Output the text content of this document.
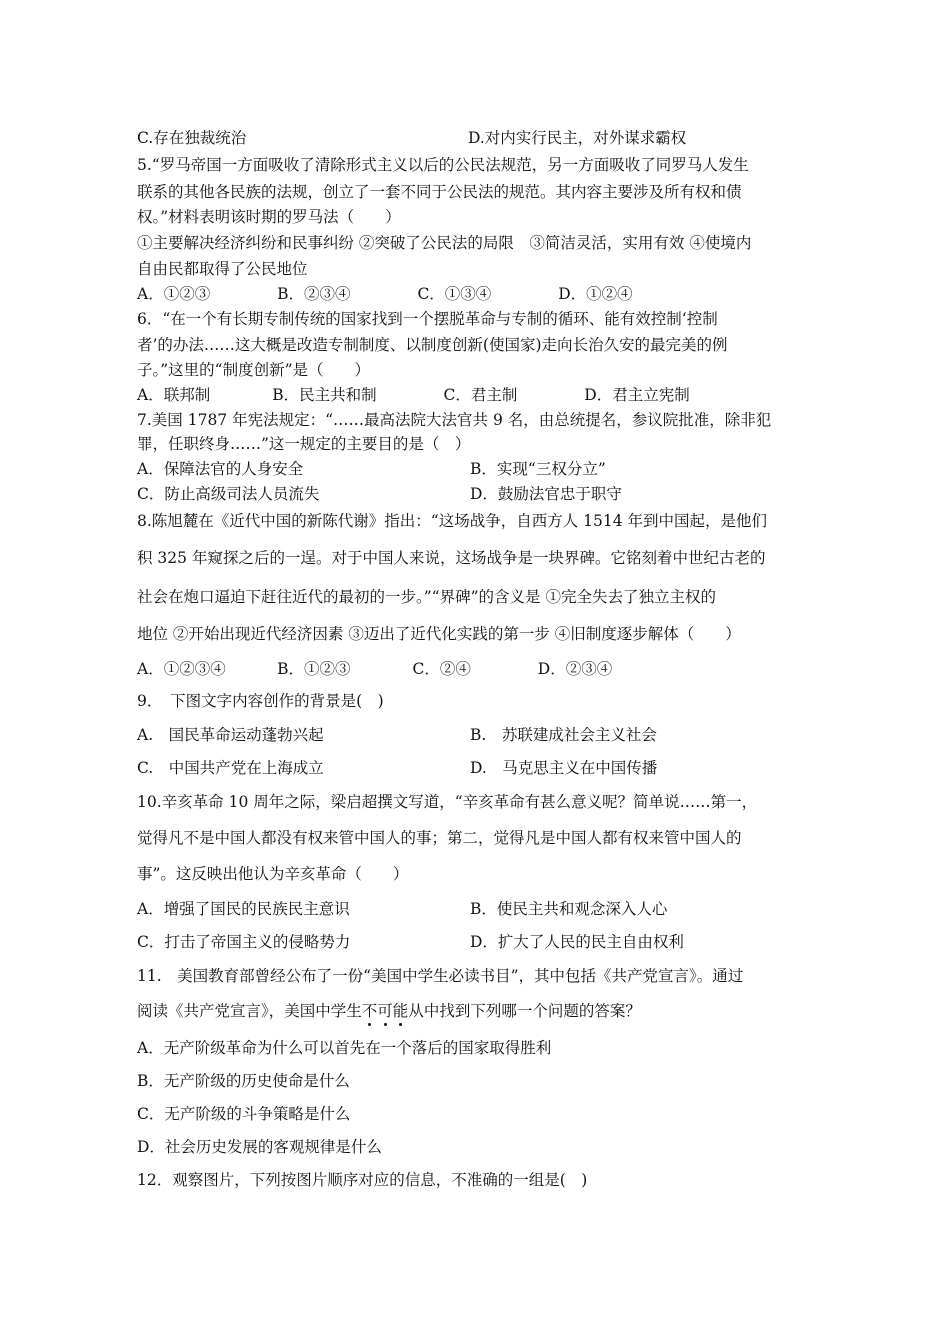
C.存在独裁统治	D.对内实行民主，对外谋求霸权
5.“罗马帝国一方面吸收了清除形式主义以后的公民法规范，另一方面吸收了同罗马人发生
联系的其他各民族的法规，创立了一套不同于公民法的规范。其内容主要涉及所有权和债
权。”材料表明该时期的罗马法（　　）
①主要解决经济纠纷和民事纠纷 ②突破了公民法的局限　③简洁灵活，实用有效 ④使境内
自由民都取得了公民地位
A．①②③　　　　 B．②③④　　　　 C．①③④　　　　 D．①②④
6．“在一个有长期专制传统的国家找到一个摆脱革命与专制的循环、能有效控制‘控制
者’的办法……这大概是改造专制制度、以制度创新(使国家)走向长治久安的最完美的例
子。”这里的“制度创新”是（　　）
A．联邦制　　　　B．民主共和制　　　　 C．君主制　　　　 D．君主立宪制
7.美国 1787 年宪法规定：“……最高法院大法官共 9 名，由总统提名，参议院批准，除非犯
罪，任职终身……”这一规定的主要目的是（　）
A．保障法官的人身安全	B．实现“三权分立”
C．防止高级司法人员流失	D．鼓励法官忠于职守
8.陈旭麓在《近代中国的新陈代谢》指出：“这场战争，自西方人 1514 年到中国起，是他们
积 325 年窥探之后的一逞。对于中国人来说，这场战争是一块界碑。它铭刻着中世纪古老的
社会在炮口逼迫下赶往近代的最初的一步。”“界碑”的含义是 ①完全失去了独立主权的
地位 ②开始出现近代经济因素 ③迈出了近代化实践的第一步 ④旧制度逐步解体（　　）
A．①②③④　　　 B．①②③　　　　C．②④　　　　 D．②③④
9．　下图文字内容创作的背景是(　)
A.　国民革命运动蓬勃兴起	B.　苏联建成社会主义社会
C.　中国共产党在上海成立	D.　马克思主义在中国传播
10.辛亥革命 10 周年之际，梁启超撰文写道，“辛亥革命有甚么意义呢？简单说……第一，
觉得凡不是中国人都没有权来管中国人的事；第二，觉得凡是中国人都有权来管中国人的
事”。这反映出他认为辛亥革命（　　）
A．增强了国民的民族民主意识	B．使民主共和观念深入人心
C．打击了帝国主义的侵略势力	D．扩大了人民的民主自由权利
11.　美国教育部曾经公布了一份“美国中学生必读书目”，其中包括《共产党宣言》。通过
阅读《共产党宣言》，美国中学生不可能从中找到下列哪一个问题的答案？
A．无产阶级革命为什么可以首先在一个落后的国家取得胜利
B．无产阶级的历史使命是什么
C．无产阶级的斗争策略是什么
D．社会历史发展的客观规律是什么
12．观察图片，下列按图片顺序对应的信息，不准确的一组是(　)
